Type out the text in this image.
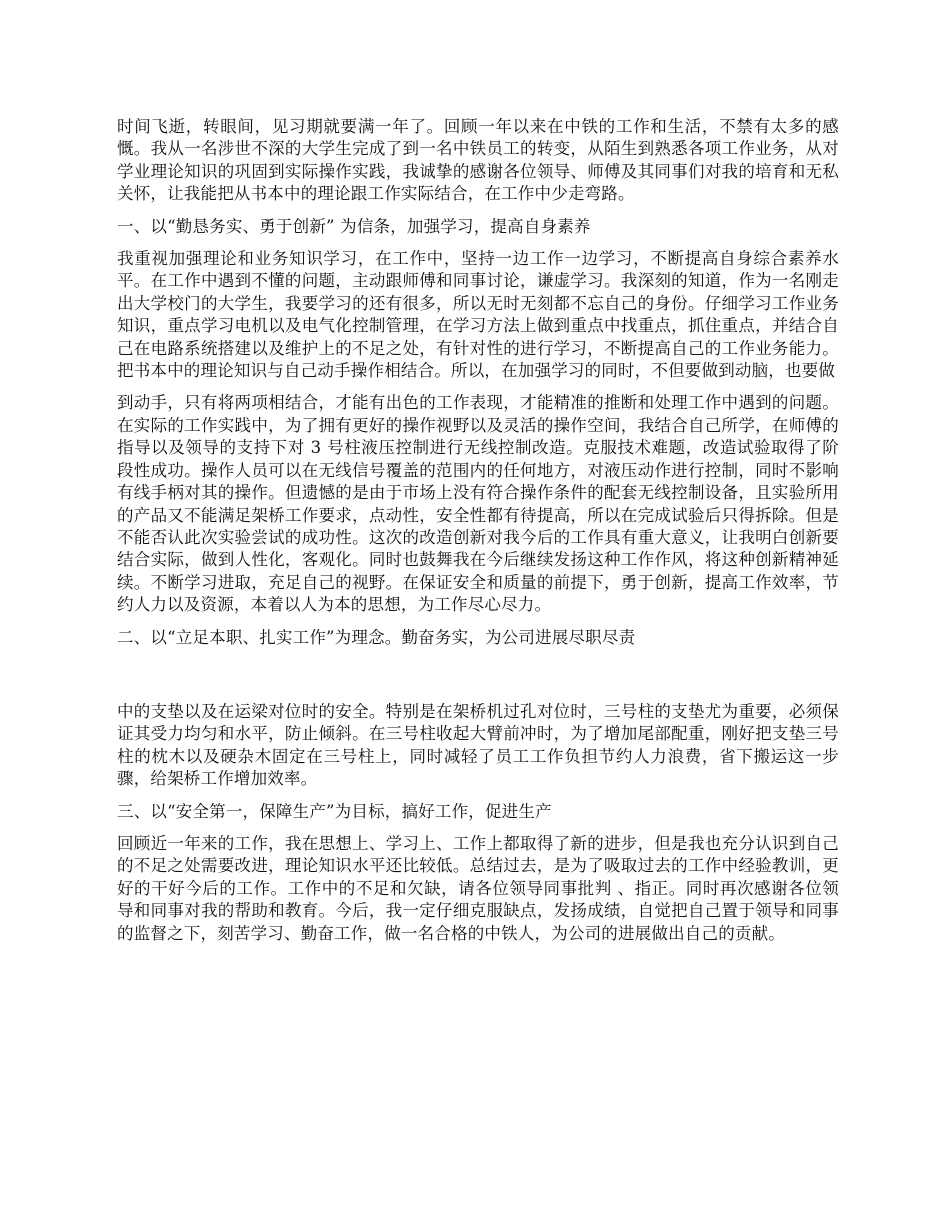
时间飞逝，转眼间，见习期就要满一年了。回顾一年以来在中铁的工作和生活，不禁有太多的感慨。我从一名涉世不深的大学生完成了到一名中铁员工的转变，从陌生到熟悉各项工作业务，从对学业理论知识的巩固到实际操作实践，我诚挚的感谢各位领导、师傅及其同事们对我的培育和无私关怀，让我能把从书本中的理论跟工作实际结合，在工作中少走弯路。

一、以“勤恳务实、勇于创新” 为信条，加强学习，提高自身素养

我重视加强理论和业务知识学习，在工作中，坚持一边工作一边学习，不断提高自身综合素养水平。在工作中遇到不懂的问题，主动跟师傅和同事讨论，谦虚学习。我深刻的知道，作为一名刚走出大学校门的大学生，我要学习的还有很多，所以无时无刻都不忘自己的身份。仔细学习工作业务知识，重点学习电机以及电气化控制管理，在学习方法上做到重点中找重点，抓住重点，并结合自己在电路系统搭建以及维护上的不足之处，有针对性的进行学习，不断提高自己的工作业务能力。把书本中的理论知识与自己动手操作相结合。所以，在加强学习的同时，不但要做到动脑，也要做

到动手，只有将两项相结合，才能有出色的工作表现，才能精准的推断和处理工作中遇到的问题。在实际的工作实践中，为了拥有更好的操作视野以及灵活的操作空间，我结合自己所学，在师傅的指导以及领导的支持下对 3 号柱液压控制进行无线控制改造。克服技术难题，改造试验取得了阶段性成功。操作人员可以在无线信号覆盖的范围内的任何地方，对液压动作进行控制，同时不影响有线手柄对其的操作。但遗憾的是由于市场上没有符合操作条件的配套无线控制设备，且实验所用的产品又不能满足架桥工作要求，点动性，安全性都有待提高，所以在完成试验后只得拆除。但是不能否认此次实验尝试的成功性。这次的改造创新对我今后的工作具有重大意义，让我明白创新要结合实际，做到人性化，客观化。同时也鼓舞我在今后继续发扬这种工作作风，将这种创新精神延续。不断学习进取，充足自己的视野。在保证安全和质量的前提下，勇于创新，提高工作效率，节约人力以及资源，本着以人为本的思想，为工作尽心尽力。

二、以“立足本职、扎实工作”为理念。勤奋务实，为公司进展尽职尽责

中的支垫以及在运梁对位时的安全。特别是在架桥机过孔对位时，三号柱的支垫尤为重要，必须保证其受力均匀和水平，防止倾斜。在三号柱收起大臂前冲时，为了增加尾部配重，刚好把支垫三号柱的枕木以及硬杂木固定在三号柱上，同时减轻了员工工作负担节约人力浪费，省下搬运这一步骤，给架桥工作增加效率。

三、以“安全第一，保障生产”为目标，搞好工作，促进生产

回顾近一年来的工作，我在思想上、学习上、工作上都取得了新的进步，但是我也充分认识到自己的不足之处需要改进，理论知识水平还比较低。总结过去，是为了吸取过去的工作中经验教训，更好的干好今后的工作。工作中的不足和欠缺，请各位领导同事批判 、指正。同时再次感谢各位领导和同事对我的帮助和教育。今后，我一定仔细克服缺点，发扬成绩，自觉把自己置于领导和同事的监督之下，刻苦学习、勤奋工作，做一名合格的中铁人，为公司的进展做出自己的贡献。
